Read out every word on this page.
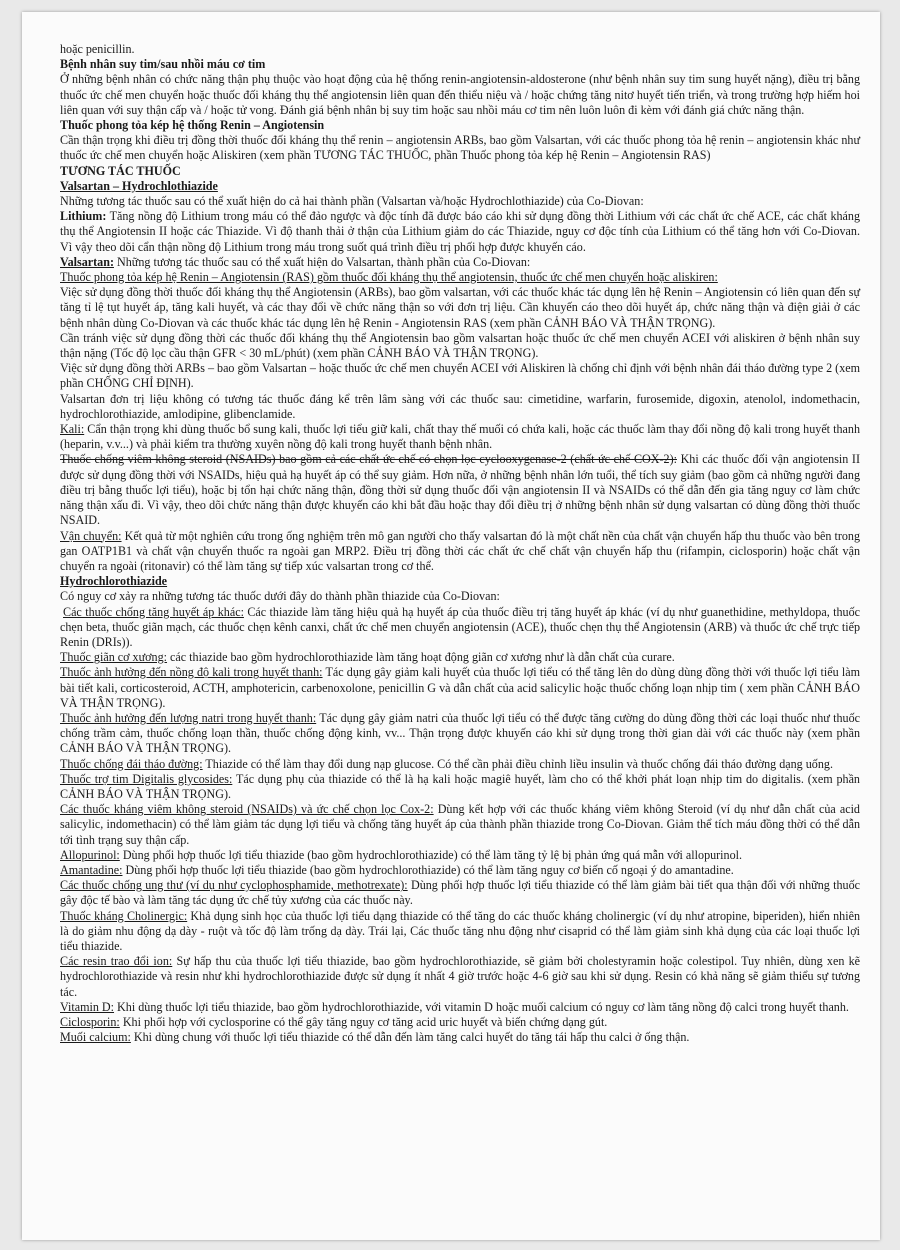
hoặc penicillin.

Bệnh nhân suy tim/sau nhồi máu cơ tim

Ở những bệnh nhân có chức năng thận phụ thuộc vào hoạt động của hệ thống renin-angiotensin-aldosterone (như bệnh nhân suy tim sung huyết nặng), điều trị bằng thuốc ức chế men chuyển hoặc thuốc đối kháng thụ thể angiotensin liên quan đến thiểu niệu và / hoặc chứng tăng nitơ huyết tiến triển, và trong trường hợp hiếm hoi liên quan với suy thận cấp và / hoặc tử vong. Đánh giá bệnh nhân bị suy tim hoặc sau nhồi máu cơ tim nên luôn luôn đi kèm với đánh giá chức năng thận.

Thuốc phong tỏa kép hệ thống Renin – Angiotensin

Cần thận trọng khi điều trị đồng thời thuốc đối kháng thụ thể renin – angiotensin ARBs, bao gồm Valsartan, với các thuốc phong tỏa hệ renin – angiotensin khác như thuốc ức chế men chuyển hoặc Aliskiren (xem phần TƯƠNG TÁC THUỐC, phần Thuốc phong tỏa kép hệ Renin – Angiotensin RAS)

TƯƠNG TÁC THUỐC

Valsartan – Hydrochlothiazide

Những tương tác thuốc sau có thể xuất hiện do cả hai thành phần (Valsartan và/hoặc Hydrochlothiazide) của Co-Diovan:

Lithium: Tăng nồng độ Lithium trong máu có thể đảo ngược và độc tính đã được báo cáo khi sử dụng đồng thời Lithium với các chất ức chế ACE, các chất kháng thụ thể Angiotensin II hoặc các Thiazide. Vì độ thanh thải ở thận của Lithium giảm do các Thiazide, nguy cơ độc tính của Lithium có thể tăng hơn với Co-Diovan. Vì vậy theo dõi cẩn thận nồng độ Lithium trong máu trong suốt quá trình điều trị phối hợp được khuyến cáo.

Valsartan: Những tương tác thuốc sau có thể xuất hiện do Valsartan, thành phần của Co-Diovan:

Thuốc phong tỏa kép hệ Renin – Angiotensin (RAS) gồm thuốc đối kháng thụ thể angiotensin, thuốc ức chế men chuyển hoặc aliskiren:

Việc sử dụng đồng thời thuốc đối kháng thụ thể Angiotensin (ARBs), bao gồm valsartan, với các thuốc khác tác dụng lên hệ Renin – Angiotensin có liên quan đến sự tăng tỉ lệ tụt huyết áp, tăng kali huyết, và các thay đổi về chức năng thận so với đơn trị liệu. Cần khuyến cáo theo dõi huyết áp, chức năng thận và điện giải ở các bệnh nhân dùng Co-Diovan và các thuốc khác tác dụng lên hệ Renin - Angiotensin RAS (xem phần CẢNH BÁO VÀ THẬN TRỌNG).

Cần tránh việc sử dụng đồng thời các thuốc đối kháng thụ thể Angiotensin bao gồm valsartan hoặc thuốc ức chế men chuyển ACEI với aliskiren ở bệnh nhân suy thận nặng (Tốc độ lọc cầu thận GFR < 30 mL/phút) (xem phần CẢNH BÁO VÀ THẬN TRỌNG).

Việc sử dụng đồng thời ARBs – bao gồm Valsartan – hoặc thuốc ức chế men chuyển ACEI với Aliskiren là chống chỉ định với bệnh nhân đái tháo đường type 2 (xem phần CHỐNG CHỈ ĐỊNH).

Valsartan đơn trị liệu không có tương tác thuốc đáng kể trên lâm sàng với các thuốc sau: cimetidine, warfarin, furosemide, digoxin, atenolol, indomethacin, hydrochlorothiazide, amlodipine, glibenclamide.

Kali: Cẩn thận trọng khi dùng thuốc bổ sung kali, thuốc lợi tiểu giữ kali, chất thay thế muối có chứa kali, hoặc các thuốc làm thay đổi nồng độ kali trong huyết thanh (heparin, v.v...) và phải kiểm tra thường xuyên nồng độ kali trong huyết thanh bệnh nhân.

Thuốc chống viêm không steroid (NSAIDs) bao gồm cả các chất ức chế có chọn lọc cyclooxygenase-2 (chất ức chế COX-2): Khi các thuốc đối vận angiotensin II được sử dụng đồng thời với NSAIDs, hiệu quả hạ huyết áp có thể suy giảm. Hơn nữa, ở những bệnh nhân lớn tuổi, thể tích suy giảm (bao gồm cả những người đang điều trị bằng thuốc lợi tiểu), hoặc bị tổn hại chức năng thận, đồng thời sử dụng thuốc đối vận angiotensin II và NSAIDs có thể dẫn đến gia tăng nguy cơ làm chức năng thận xấu đi. Vì vậy, theo dõi chức năng thận được khuyến cáo khi bắt đầu hoặc thay đổi điều trị ở những bệnh nhân sử dụng valsartan có dùng đồng thời thuốc NSAID.

Vận chuyển: Kết quả từ một nghiên cứu trong ống nghiệm trên mô gan người cho thấy valsartan đó là một chất nền của chất vận chuyển hấp thu thuốc vào bên trong gan OATP1B1 và chất vận chuyển thuốc ra ngoài gan MRP2. Điều trị đồng thời các chất ức chế chất vận chuyển hấp thu (rifampin, ciclosporin) hoặc chất vận chuyển ra ngoài (ritonavir) có thể làm tăng sự tiếp xúc valsartan trong cơ thể.

Hydrochlorothiazide

Có nguy cơ xảy ra những tương tác thuốc dưới đây do thành phần thiazide của Co-Diovan:

Các thuốc chống tăng huyết áp khác: Các thiazide làm tăng hiệu quả hạ huyết áp của thuốc điều trị tăng huyết áp khác (ví dụ như guanethidine, methyldopa, thuốc chẹn beta, thuốc giãn mạch, các thuốc chẹn kênh canxi, chất ức chế men chuyển angiotensin (ACE), thuốc chẹn thụ thể Angiotensin (ARB) và thuốc ức chế trực tiếp Renin (DRIs)).

Thuốc giãn cơ xương: các thiazide bao gồm hydrochlorothiazide làm tăng hoạt động giãn cơ xương như là dẫn chất của curare.

Thuốc ảnh hưởng đến nồng độ kali trong huyết thanh: Tác dụng gây giảm kali huyết của thuốc lợi tiểu có thể tăng lên do dùng dùng đồng thời với thuốc lợi tiểu làm bài tiết kali, corticosteroid, ACTH, amphotericin, carbenoxolone, penicillin G và dẫn chất của acid salicylic hoặc thuốc chống loạn nhịp tim ( xem phần CẢNH BÁO VÀ THẬN TRỌNG).

Thuốc ảnh hưởng đến lượng natri trong huyết thanh: Tác dụng gây giảm natri của thuốc lợi tiểu có thể được tăng cường do dùng đồng thời các loại thuốc như thuốc chống trầm cảm, thuốc chống loạn thần, thuốc chống động kinh, vv... Thận trọng được khuyến cáo khi sử dụng trong thời gian dài với các thuốc này (xem phần CẢNH BÁO VÀ THẬN TRỌNG).

Thuốc chống đái tháo đường: Thiazide có thể làm thay đổi dung nạp glucose. Có thể cần phải điều chỉnh liều insulin và thuốc chống đái tháo đường dạng uống.

Thuốc trợ tim Digitalis glycosides: Tác dụng phụ của thiazide có thể là hạ kali hoặc magiê huyết, làm cho có thể khởi phát loạn nhịp tim do digitalis. (xem phần CẢNH BÁO VÀ THẬN TRỌNG).

Các thuốc kháng viêm không steroid (NSAIDs) và ức chế chọn lọc Cox-2: Dùng kết hợp với các thuốc kháng viêm không Steroid (ví dụ như dẫn chất của acid salicylic, indomethacin) có thể làm giảm tác dụng lợi tiểu và chống tăng huyết áp của thành phần thiazide trong Co-Diovan. Giảm thể tích máu đồng thời có thể dẫn tới tình trạng suy thận cấp.

Allopurinol: Dùng phối hợp thuốc lợi tiểu thiazide (bao gồm hydrochlorothiazide) có thể làm tăng tỷ lệ bị phản ứng quá mẫn với allopurinol.

Amantadine: Dùng phối hợp thuốc lợi tiểu thiazide (bao gồm hydrochlorothiazide) có thể làm tăng nguy cơ biến cố ngoại ý do amantadine.

Các thuốc chống ung thư (ví dụ như cyclophosphamide, methotrexate): Dùng phối hợp thuốc lợi tiểu thiazide có thể làm giảm bài tiết qua thận đối với những thuốc gây độc tế bào và làm tăng tác dụng ức chế tủy xương của các thuốc này.

Thuốc kháng Cholinergic: Khả dụng sinh học của thuốc lợi tiểu dạng thiazide có thể tăng do các thuốc kháng cholinergic (ví dụ như atropine, biperiden), hiển nhiên là do giảm nhu động dạ dày - ruột và tốc độ làm trống dạ dày. Trái lại, Các thuốc tăng nhu động như cisaprid có thể làm giảm sinh khả dụng của các loại thuốc lợi tiểu thiazide.

Các resin trao đổi ion: Sự hấp thu của thuốc lợi tiểu thiazide, bao gồm hydrochlorothiazide, sẽ giảm bởi cholestyramin hoặc colestipol. Tuy nhiên, dùng xen kẽ hydrochlorothiazide và resin như khi hydrochlorothiazide được sử dụng ít nhất 4 giờ trước hoặc 4-6 giờ sau khi sử dụng. Resin có khả năng sẽ giảm thiểu sự tương tác.

Vitamin D: Khi dùng thuốc lợi tiểu thiazide, bao gồm hydrochlorothiazide, với vitamin D hoặc muối calcium có nguy cơ làm tăng nồng độ calci trong huyết thanh.

Ciclosporin: Khi phối hợp với cyclosporine có thể gây tăng nguy cơ tăng acid uric huyết và biến chứng dạng gút.

Muối calcium: Khi dùng chung với thuốc lợi tiểu thiazide có thể dẫn đến làm tăng calci huyết do tăng tái hấp thu calci ở ống thận.
